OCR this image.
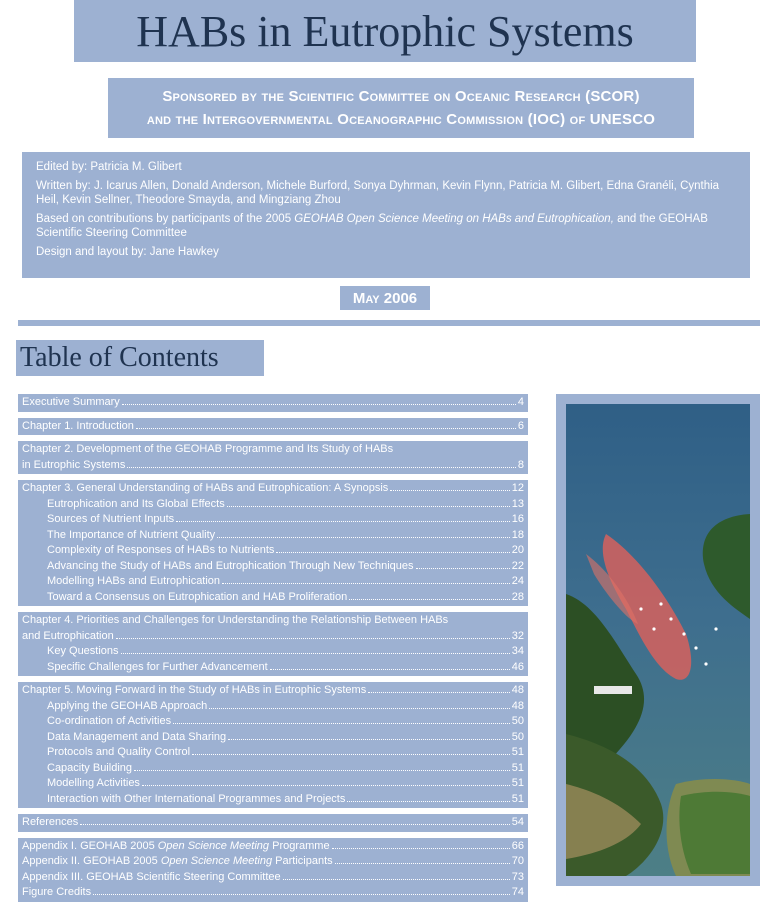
HABs in Eutrophic Systems
Sponsored by the Scientific Committee on Oceanic Research (SCOR)
and the Intergovernmental Oceanographic Commission (IOC) of UNESCO

Edited by: Patricia M. Glibert

Written by: J. Icarus Allen, Donald Anderson, Michele Burford, Sonya Dyhrman, Kevin Flynn, Patricia M. Glibert, Edna Granéli, Cynthia Heil, Kevin Sellner, Theodore Smayda, and Mingziang Zhou

Based on contributions by participants of the 2005 GEOHAB Open Science Meeting on HABs and Eutrophication, and the GEOHAB Scientific Steering Committee

Design and layout by: Jane Hawkey

May 2006
Table of Contents
Executive Summary	4
Chapter 1. Introduction	6
Chapter 2. Development of the GEOHAB Programme and Its Study of HABs
in Eutrophic Systems	8
Chapter 3. General Understanding of HABs and Eutrophication: A Synopsis	12
Eutrophication and Its Global Effects	13
Sources of Nutrient Inputs	16
The Importance of Nutrient Quality	18
Complexity of Responses of HABs to Nutrients	20
Advancing the Study of HABs and Eutrophication Through New Techniques	22
Modelling HABs and Eutrophication	24
Toward a Consensus on Eutrophication and HAB Proliferation	28
Chapter 4. Priorities and Challenges for Understanding the Relationship Between HABs
and Eutrophication	32
Key Questions	34
Specific Challenges for Further Advancement	46
Chapter 5. Moving Forward in the Study of HABs in Eutrophic Systems	48
Applying the GEOHAB Approach	48
Co-ordination of Activities	50
Data Management and Data Sharing	50
Protocols and Quality Control	51
Capacity Building	51
Modelling Activities	51
Interaction with Other International Programmes and Projects	51
References	54
Appendix I. GEOHAB 2005 Open Science Meeting Programme	66
Appendix II. GEOHAB 2005 Open Science Meeting Participants	70
Appendix III. GEOHAB Scientific Steering Committee	73
Figure Credits	74
